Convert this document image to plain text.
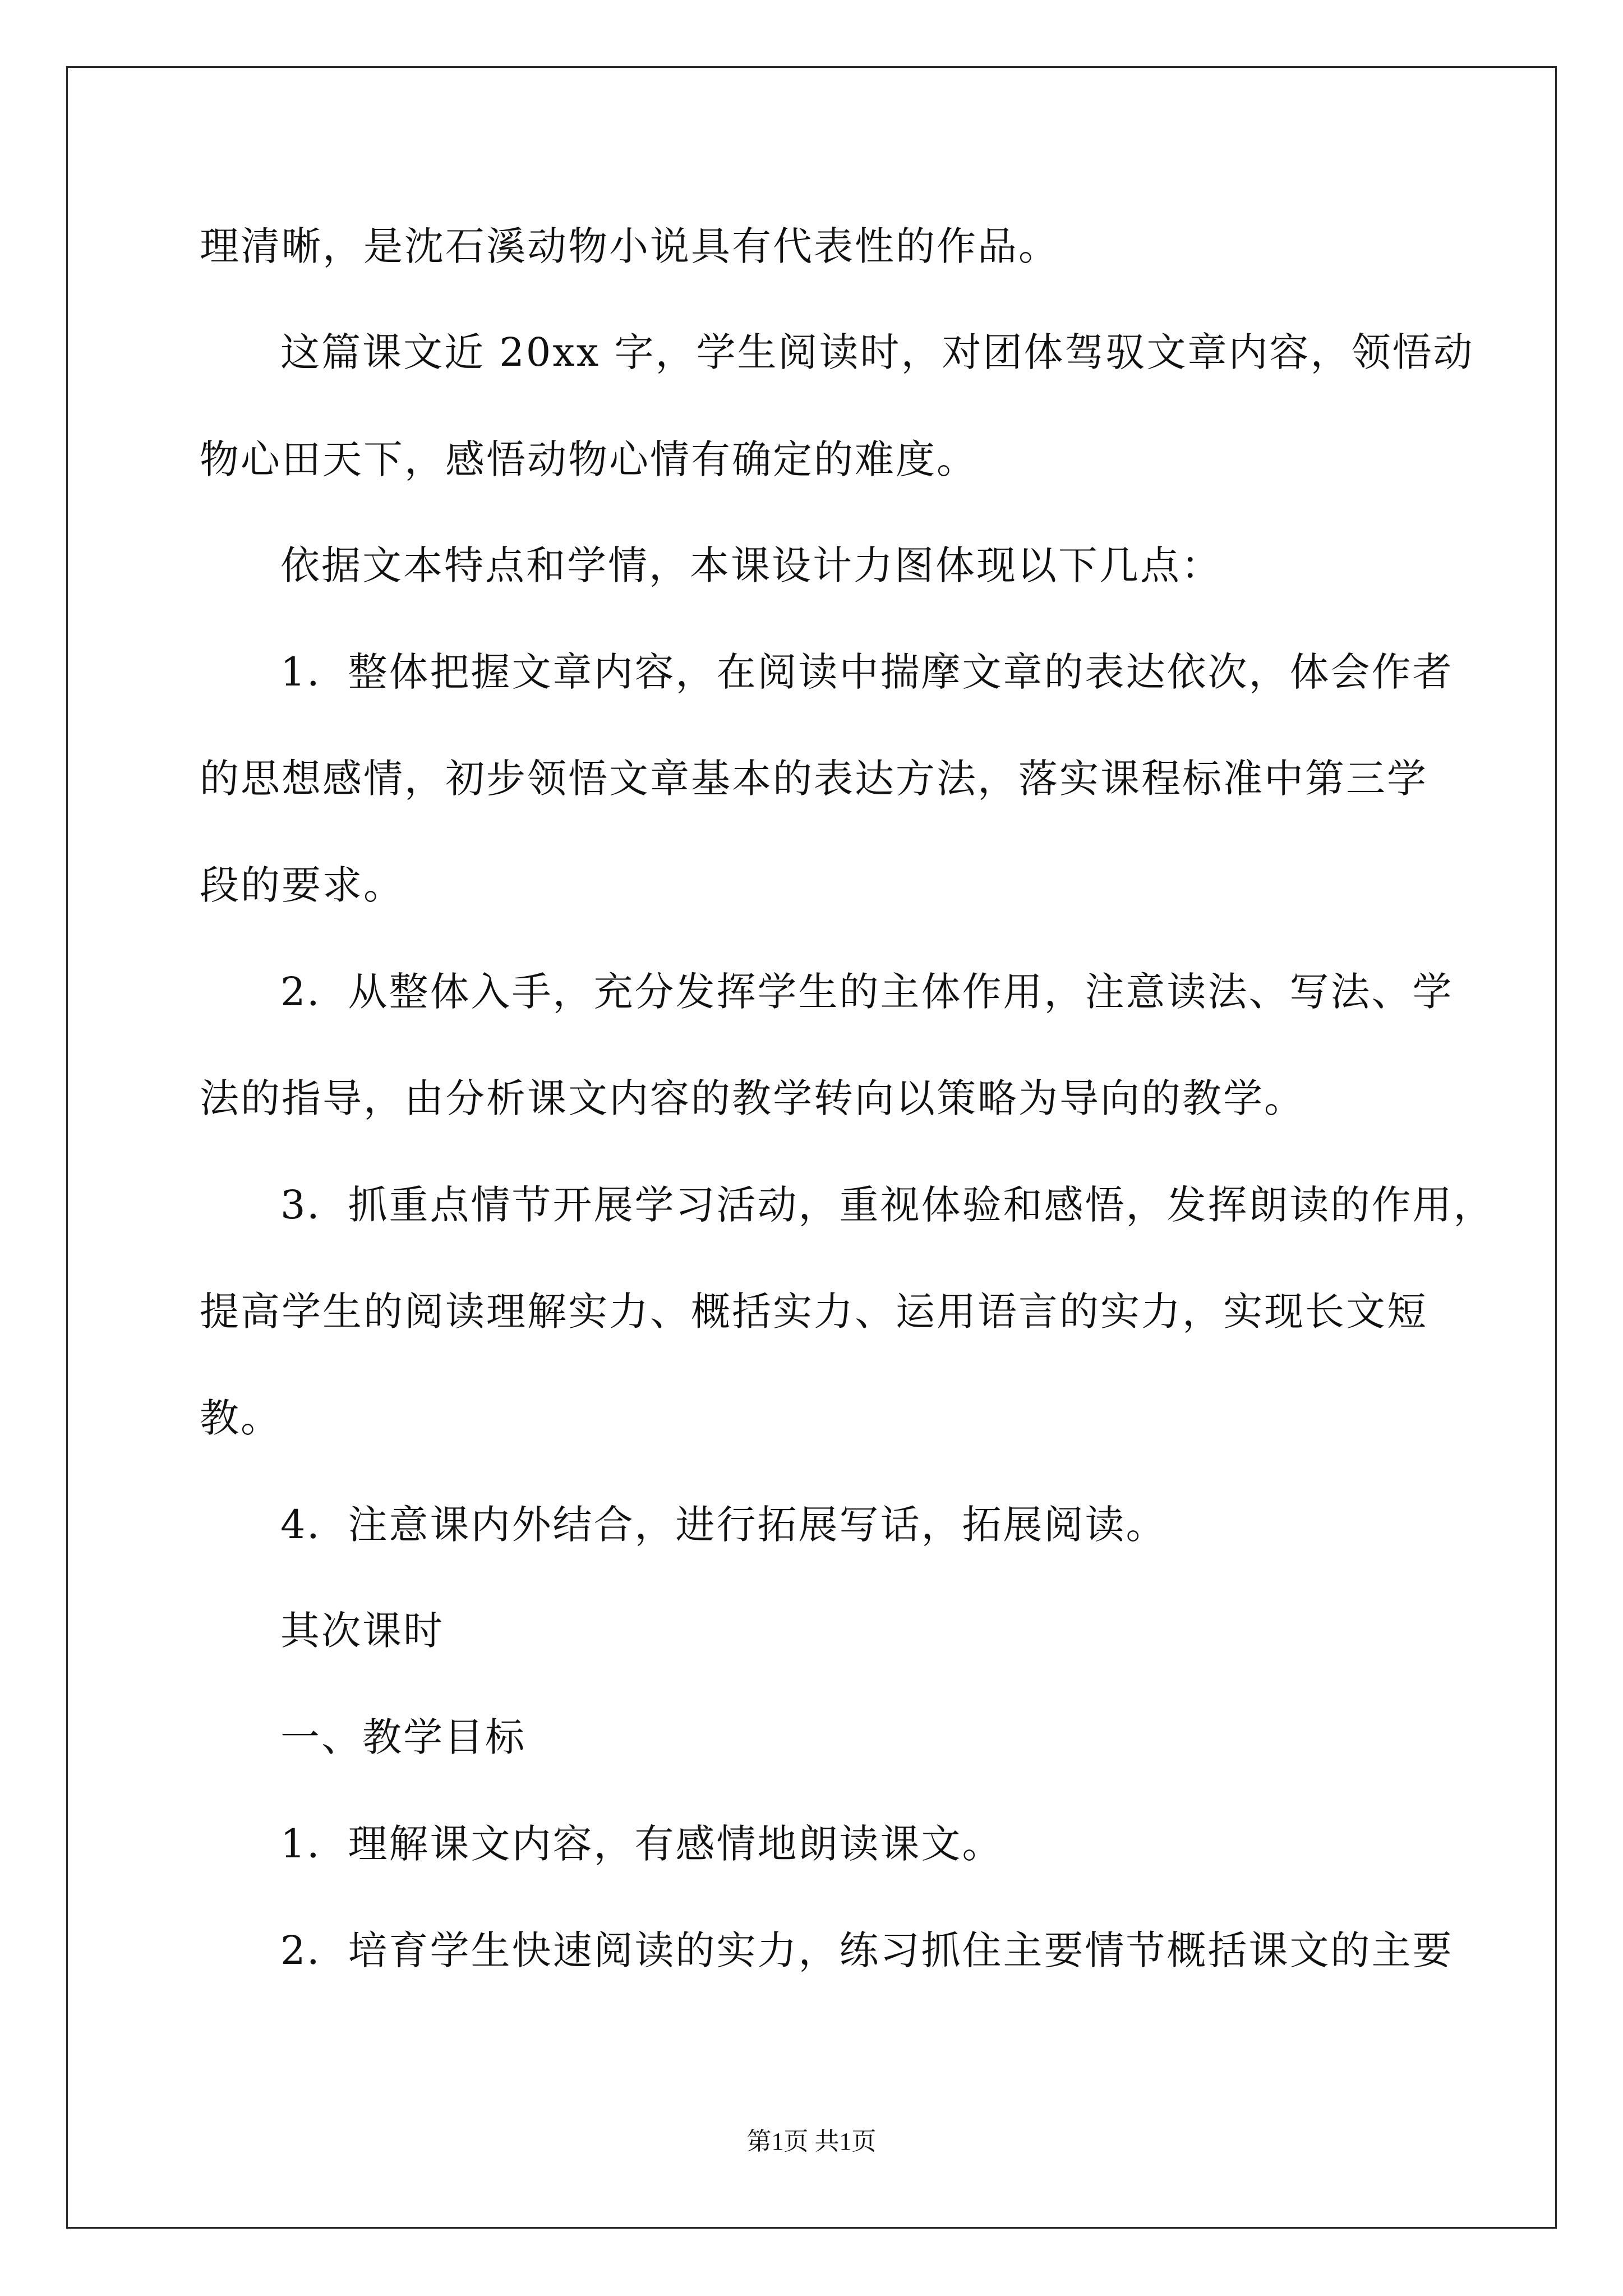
理清晰，是沈石溪动物小说具有代表性的作品。
这篇课文近 20xx 字，学生阅读时，对团体驾驭文章内容，领悟动
物心田天下，感悟动物心情有确定的难度。
依据文本特点和学情，本课设计力图体现以下几点：
1．整体把握文章内容，在阅读中揣摩文章的表达依次，体会作者
的思想感情，初步领悟文章基本的表达方法，落实课程标准中第三学
段的要求。
2．从整体入手，充分发挥学生的主体作用，注意读法、写法、学
法的指导，由分析课文内容的教学转向以策略为导向的教学。
3．抓重点情节开展学习活动，重视体验和感悟，发挥朗读的作用，
提高学生的阅读理解实力、概括实力、运用语言的实力，实现长文短
教。
4．注意课内外结合，进行拓展写话，拓展阅读。
其次课时
一、教学目标
1．理解课文内容，有感情地朗读课文。
2．培育学生快速阅读的实力，练习抓住主要情节概括课文的主要
第1页 共1页
